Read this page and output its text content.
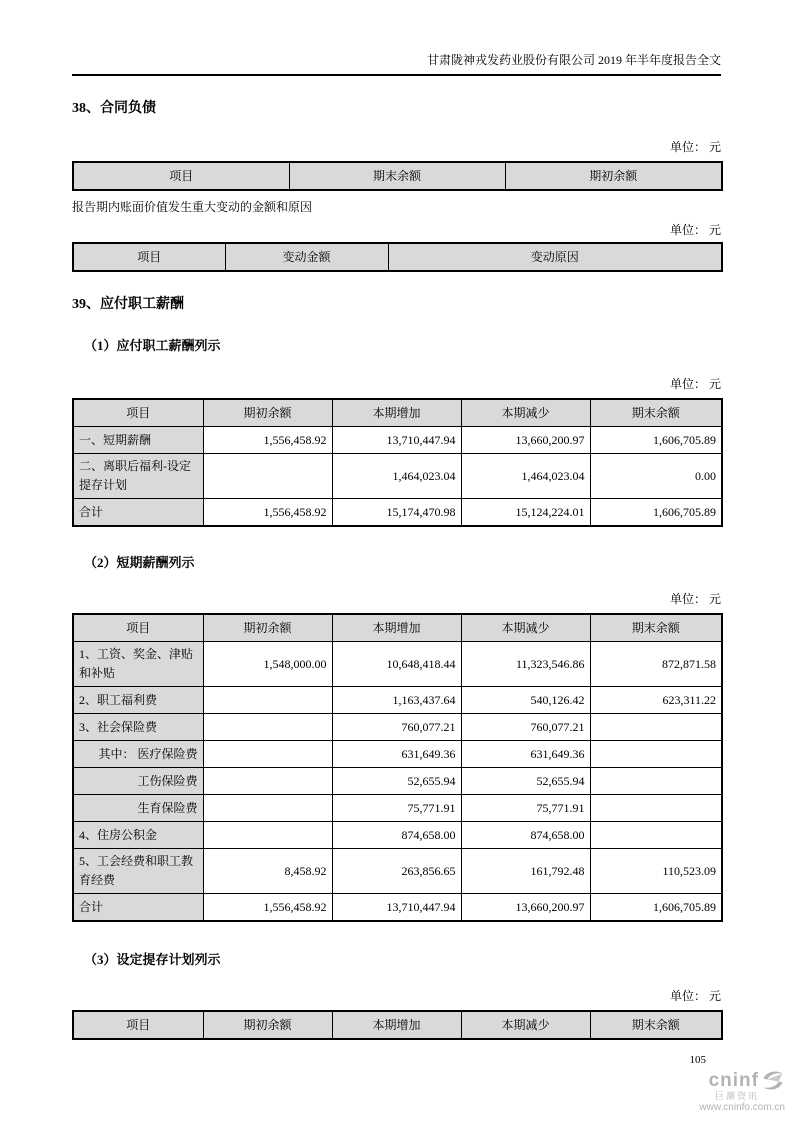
甘肃陇神戎发药业股份有限公司 2019 年半年度报告全文
38、合同负债
单位： 元
项目	期末余额	期初余额
报告期内账面价值发生重大变动的金额和原因
单位： 元
项目	变动金额	变动原因
39、应付职工薪酬
（1）应付职工薪酬列示
单位： 元
项目	期初余额	本期增加	本期减少	期末余额
一、短期薪酬	1,556,458.92	13,710,447.94	13,660,200.97	1,606,705.89
二、离职后福利-设定提存计划		1,464,023.04	1,464,023.04	0.00
合计	1,556,458.92	15,174,470.98	15,124,224.01	1,606,705.89
（2）短期薪酬列示
单位： 元
项目	期初余额	本期增加	本期减少	期末余额
1、工资、奖金、津贴和补贴	1,548,000.00	10,648,418.44	11,323,546.86	872,871.58
2、职工福利费		1,163,437.64	540,126.42	623,311.22
3、社会保险费		760,077.21	760,077.21	
其中： 医疗保险费		631,649.36	631,649.36	
工伤保险费		52,655.94	52,655.94	
生育保险费		75,771.91	75,771.91	
4、住房公积金		874,658.00	874,658.00	
5、工会经费和职工教育经费	8,458.92	263,856.65	161,792.48	110,523.09
合计	1,556,458.92	13,710,447.94	13,660,200.97	1,606,705.89
（3）设定提存计划列示
单位： 元
项目	期初余额	本期增加	本期减少	期末余额
105
cninf
巨潮资讯
www.cninfo.com.cn
